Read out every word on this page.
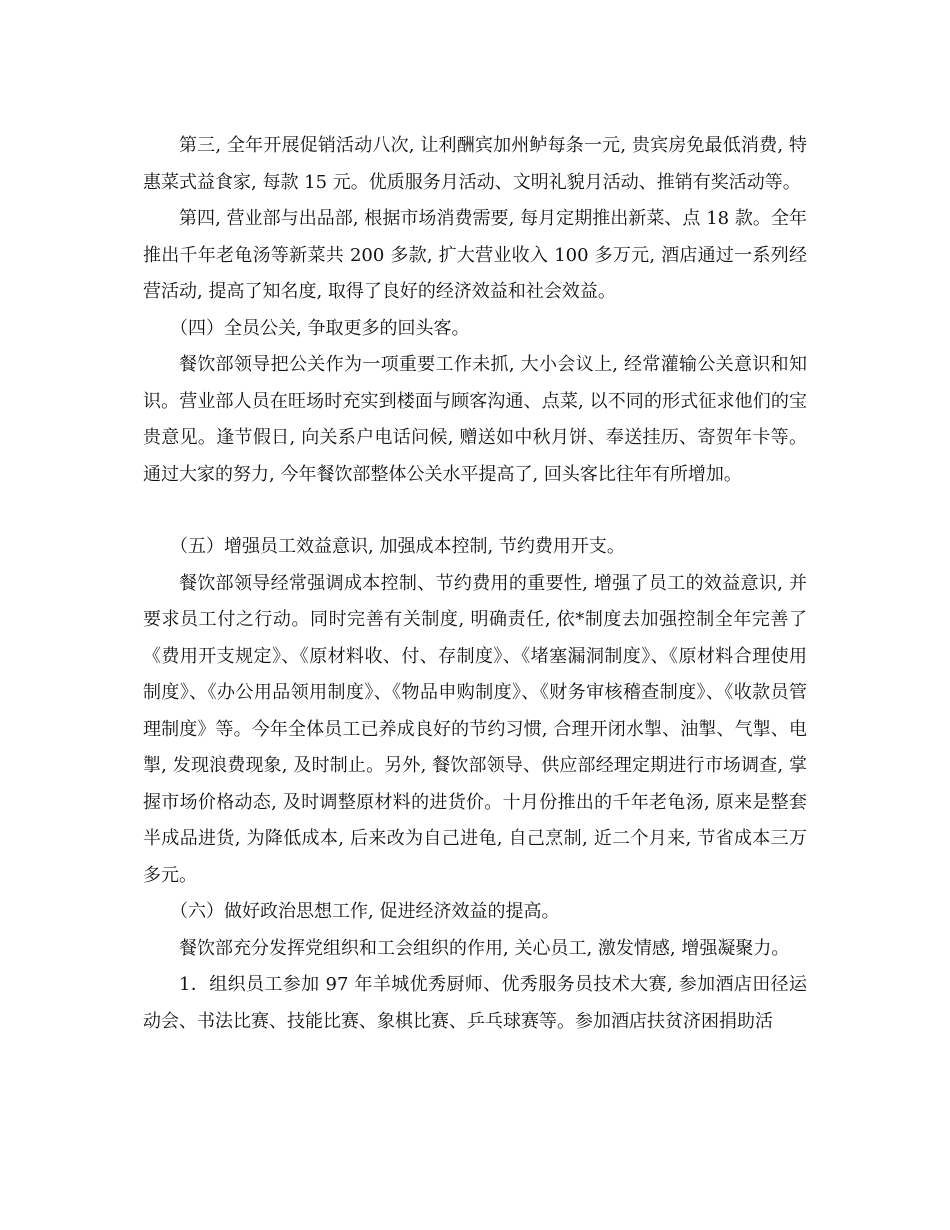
第三, 全年开展促销活动八次, 让利酬宾加州鲈每条一元, 贵宾房免最低消费, 特惠菜式益食家, 每款 15 元。优质服务月活动、文明礼貌月活动、推销有奖活动等。

第四, 营业部与出品部, 根据市场消费需要, 每月定期推出新菜、点 18 款。全年推出千年老龟汤等新菜共 200 多款, 扩大营业收入 100 多万元, 酒店通过一系列经营活动, 提高了知名度, 取得了良好的经济效益和社会效益。

（四）全员公关, 争取更多的回头客。

餐饮部领导把公关作为一项重要工作未抓, 大小会议上, 经常灌输公关意识和知识。营业部人员在旺场时充实到楼面与顾客沟通、点菜, 以不同的形式征求他们的宝贵意见。逢节假日, 向关系户电话问候, 赠送如中秋月饼、奉送挂历、寄贺年卡等。通过大家的努力, 今年餐饮部整体公关水平提高了, 回头客比往年有所增加。

（五）增强员工效益意识, 加强成本控制, 节约费用开支。

餐饮部领导经常强调成本控制、节约费用的重要性, 增强了员工的效益意识, 并要求员工付之行动。同时完善有关制度, 明确责任, 依*制度去加强控制全年完善了《费用开支规定》、《原材料收、付、存制度》、《堵塞漏洞制度》、《原材料合理使用制度》、《办公用品领用制度》、《物品申购制度》、《财务审核稽查制度》、《收款员管理制度》等。今年全体员工已养成良好的节约习惯, 合理开闭水掣、油掣、气掣、电掣, 发现浪费现象, 及时制止。另外, 餐饮部领导、供应部经理定期进行市场调查, 掌握市场价格动态, 及时调整原材料的进货价。十月份推出的千年老龟汤, 原来是整套半成品进货, 为降低成本, 后来改为自己进龟, 自己烹制, 近二个月来, 节省成本三万多元。

（六）做好政治思想工作, 促进经济效益的提高。

餐饮部充分发挥党组织和工会组织的作用, 关心员工, 激发情感, 增强凝聚力。

1．组织员工参加 97 年羊城优秀厨师、优秀服务员技术大赛, 参加酒店田径运动会、书法比赛、技能比赛、象棋比赛、乒乓球赛等。参加酒店扶贫济困捐助活
